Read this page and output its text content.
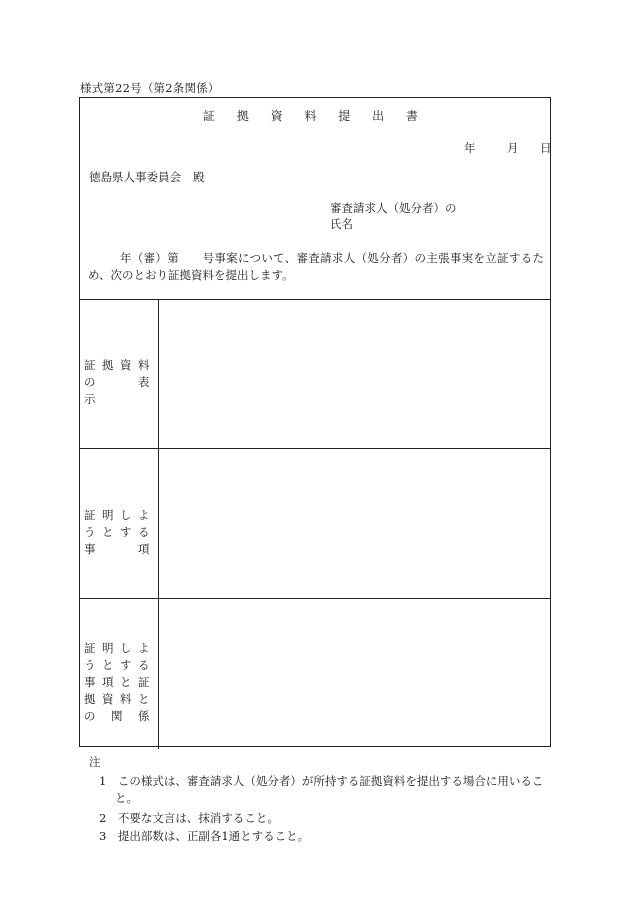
様式第22号（第2条関係）
証 拠 資 料 提 出 書
年	月 日
徳島県人事委員会 殿
審査請求人（処分者）の
氏名
年（審）第　　号事案について、審査請求人（処分者）の主張事実を立証するため、次のとおり証拠資料を提出します。
証拠資料の表　　　示
証明しようとする事項
証明しようとする事項と証拠資料との関係
注
1　 この様式は、審査請求人（処分者）が所持する証拠資料を提出する場合に用いるこ
と。
2　 不要な文言は、抹消すること。
3　 提出部数は、正副各1通とすること。
